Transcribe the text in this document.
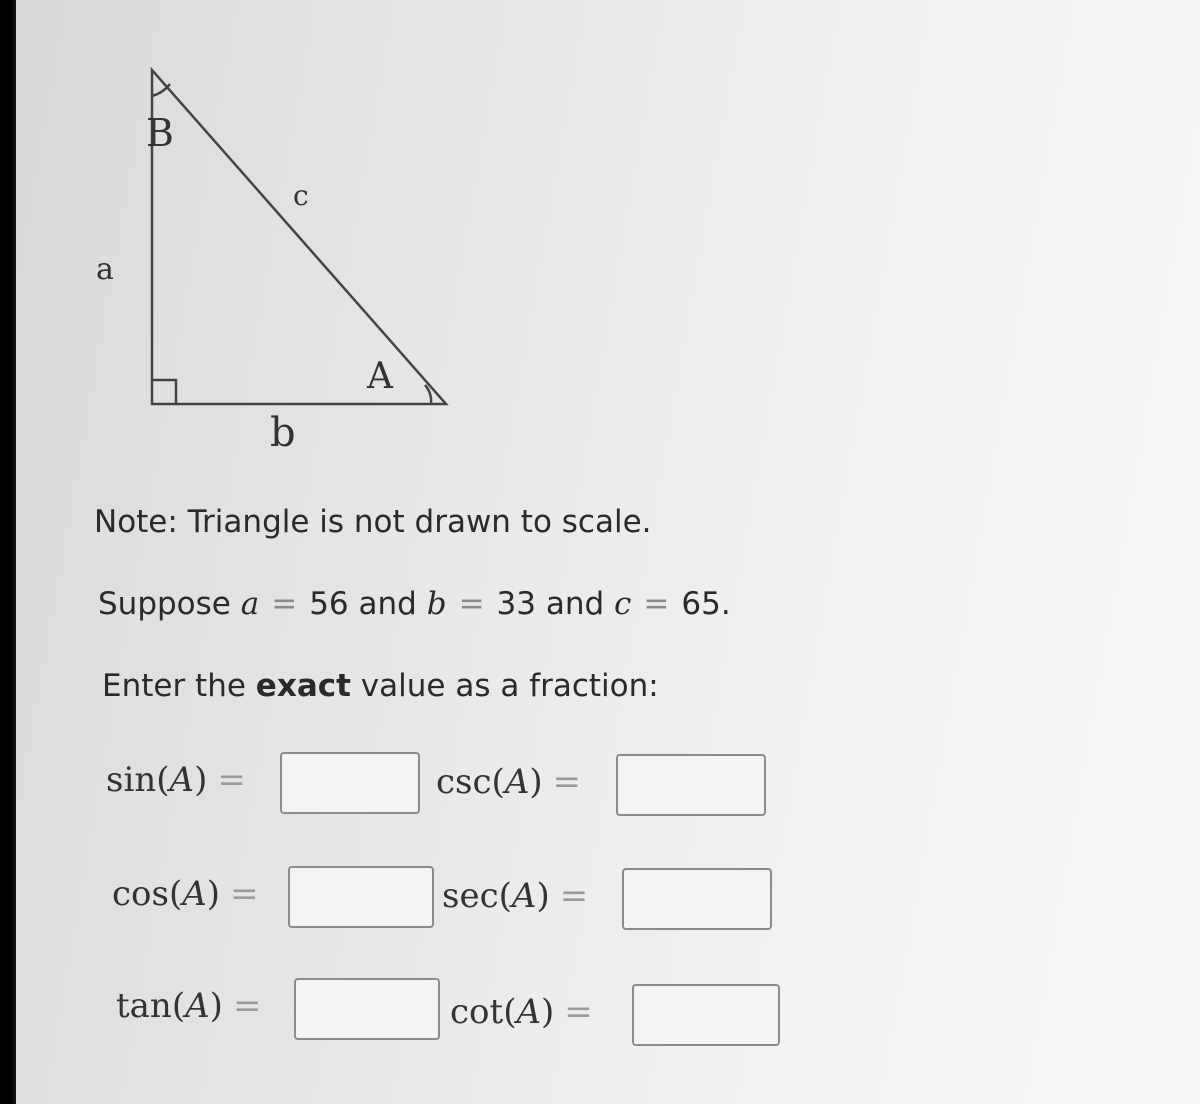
B
c
a
A
b
Note: Triangle is not drawn to scale.
Suppose a = 56 and b = 33 and c = 65.
Enter the exact value as a fraction:
sin(A) =	csc(A) =
cos(A) =	sec(A) =
tan(A) =	cot(A) =
